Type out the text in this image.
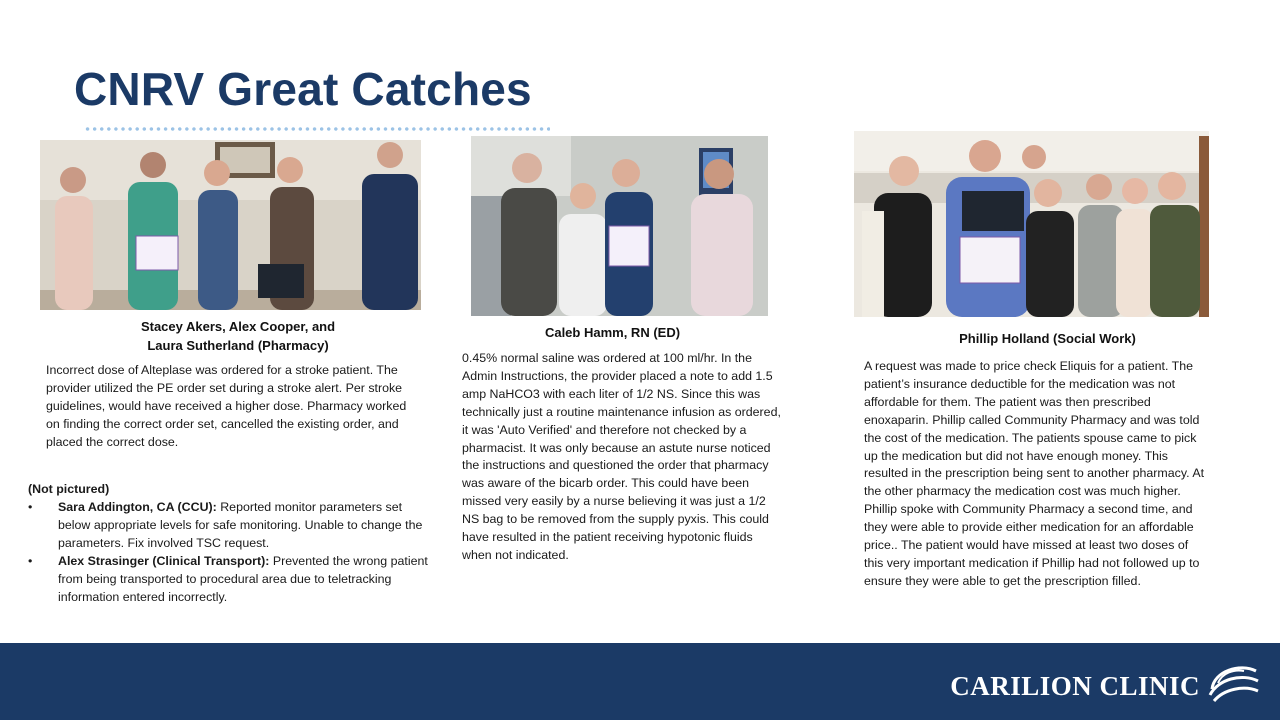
CNRV Great Catches
Stacey Akers, Alex Cooper, and
Laura Sutherland (Pharmacy)
Caleb Hamm, RN (ED)	Phillip Holland (Social Work)
Incorrect dose of Alteplase was ordered for a stroke patient. The provider utilized the PE order set during a stroke alert. Per stroke guidelines, would have received a higher dose. Pharmacy worked on finding the correct order set, cancelled the existing order, and placed the correct dose.
0.45% normal saline was ordered at 100 ml/hr. In the Admin Instructions, the provider placed a note to add 1.5 amp NaHCO3 with each liter of 1/2 NS. Since this was technically just a routine maintenance infusion as ordered, it was 'Auto Verified' and therefore not checked by a pharmacist. It was only because an astute nurse noticed the instructions and questioned the order that pharmacy was aware of the bicarb order. This could have been missed very easily by a nurse believing it was just a 1/2 NS bag to be removed from the supply pyxis. This could have resulted in the patient receiving hypotonic fluids when not indicated.
A request was made to price check Eliquis for a patient. The patient’s insurance deductible for the medication was not affordable for them. The patient was then prescribed enoxaparin. Phillip called Community Pharmacy and was told the cost of the medication. The patients spouse came to pick up the medication but did not have enough money. This resulted in the prescription being sent to another pharmacy. At the other pharmacy the medication cost was much higher. Phillip spoke with Community Pharmacy a second time, and they were able to provide either medication for an affordable price.. The patient would have missed at least two doses of this very important medication if Phillip had not followed up to ensure they were able to get the prescription filled.
(Not pictured)
• Sara Addington, CA (CCU): Reported monitor parameters set below appropriate levels for safe monitoring. Unable to change the parameters. Fix involved TSC request.
• Alex Strasinger (Clinical Transport): Prevented the wrong patient from being transported to procedural area due to teletracking information entered incorrectly.
CARILION CLINIC
